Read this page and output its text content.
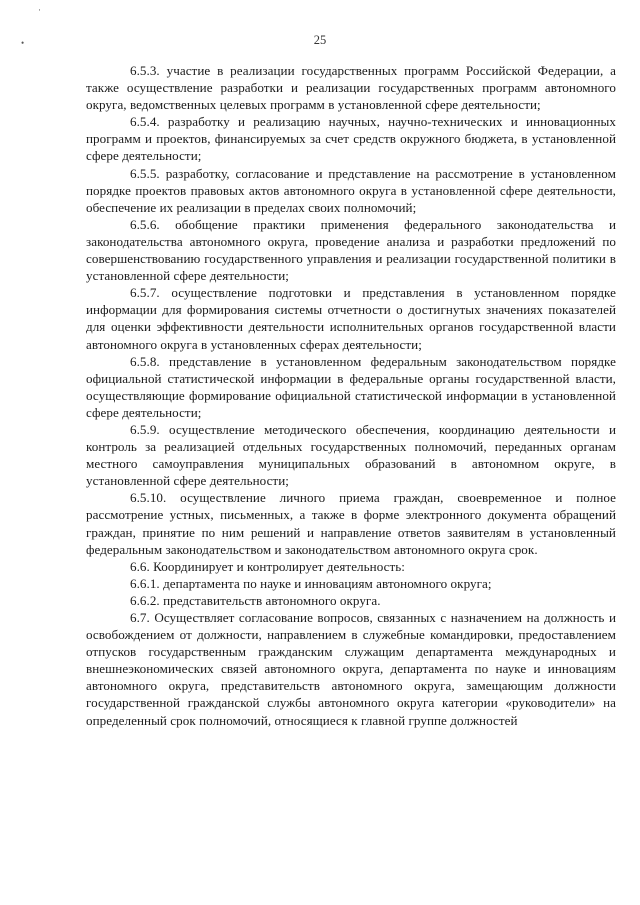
·
•	25

6.5.3. участие в реализации государственных программ Российской Федерации, а также осуществление разработки и реализации государственных программ автономного округа, ведомственных целевых программ в установленной сфере деятельности;

6.5.4. разработку и реализацию научных, научно-технических и инновационных программ и проектов, финансируемых за счет средств окружного бюджета, в установленной сфере деятельности;

6.5.5. разработку, согласование и представление на рассмотрение в установленном порядке проектов правовых актов автономного округа в установленной сфере деятельности, обеспечение их реализации в пределах своих полномочий;

6.5.6. обобщение практики применения федерального законодательства и законодательства автономного округа, проведение анализа и разработки предложений по совершенствованию государственного управления и реализации государственной политики в установленной сфере деятельности;

6.5.7. осуществление подготовки и представления в установленном порядке информации для формирования системы отчетности о достигнутых значениях показателей для оценки эффективности деятельности исполнительных органов государственной власти автономного округа в установленных сферах деятельности;

6.5.8. представление в установленном федеральным законодательством порядке официальной статистической информации в федеральные органы государственной власти, осуществляющие формирование официальной статистической информации в установленной сфере деятельности;

6.5.9. осуществление методического обеспечения, координацию деятельности и контроль за реализацией отдельных государственных полномочий, переданных органам местного самоуправления муниципальных образований в автономном округе, в установленной сфере деятельности;

6.5.10. осуществление личного приема граждан, своевременное и полное рассмотрение устных, письменных, а также в форме электронного документа обращений граждан, принятие по ним решений и направление ответов заявителям в установленный федеральным законодательством и законодательством автономного округа срок.

6.6. Координирует и контролирует деятельность:

6.6.1. департамента по науке и инновациям автономного округа;

6.6.2. представительств автономного округа.

6.7. Осуществляет согласование вопросов, связанных с назначением на должность и освобождением от должности, направлением в служебные командировки, предоставлением отпусков государственным гражданским служащим департамента международных и внешнеэкономических связей автономного округа, департамента по науке и инновациям автономного округа, представительств автономного округа, замещающим должности государственной гражданской службы автономного округа категории «руководители» на определенный срок полномочий, относящиеся к главной группе должностей
